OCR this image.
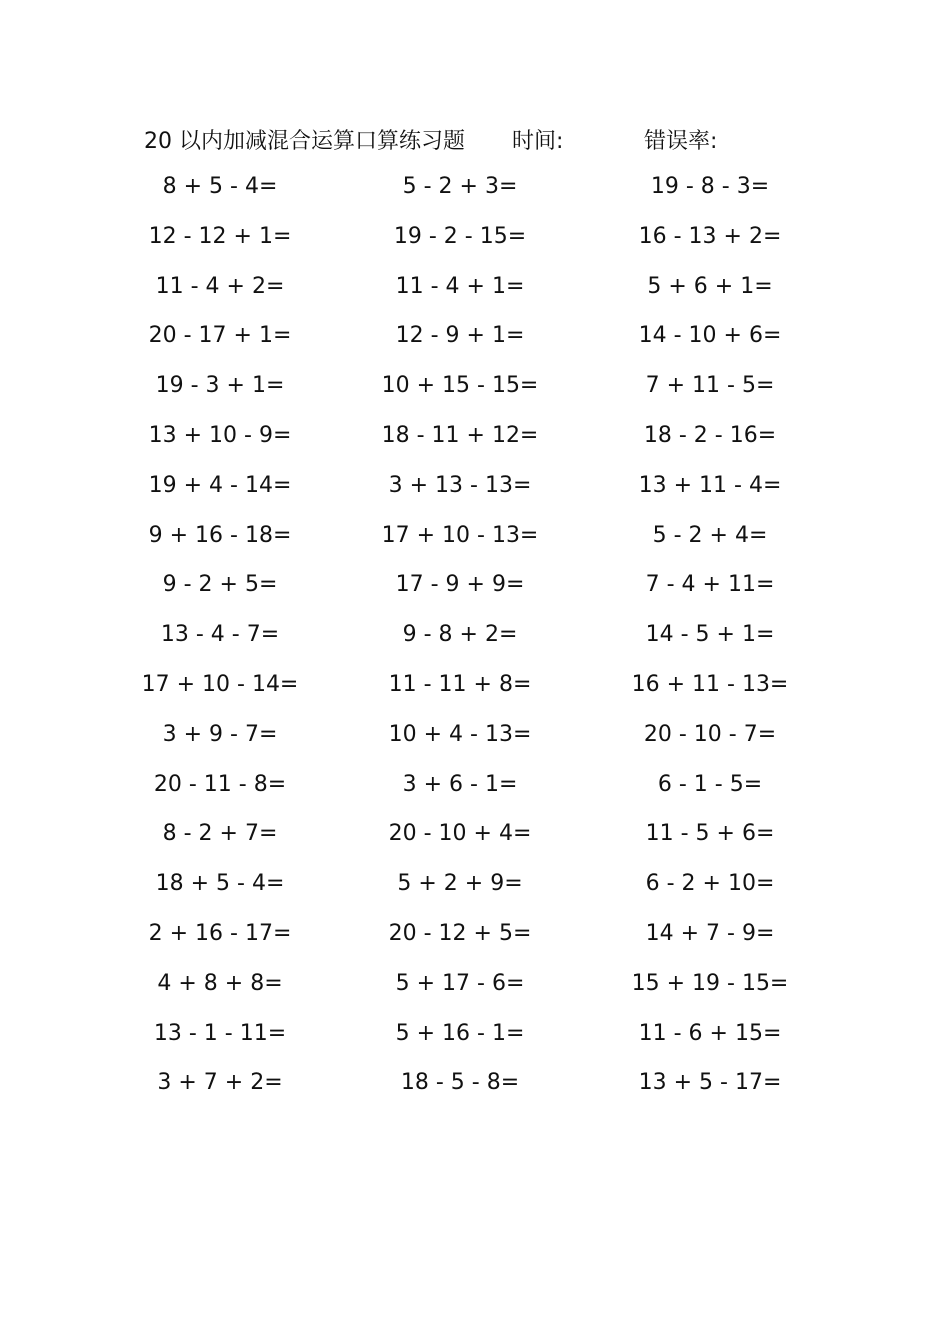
20 以内加减混合运算口算练习题 时间:	错误率:
8 + 5 - 4=	5 - 2 + 3=	19 - 8 - 3=
12 - 12 + 1=	19 - 2 - 15=	16 - 13 + 2=
11 - 4 + 2=	11 - 4 + 1=	5 + 6 + 1=
20 - 17 + 1=	12 - 9 + 1=	14 - 10 + 6=
19 - 3 + 1=	10 + 15 - 15=	7 + 11 - 5=
13 + 10 - 9=	18 - 11 + 12=	18 - 2 - 16=
19 + 4 - 14=	3 + 13 - 13=	13 + 11 - 4=
9 + 16 - 18=	17 + 10 - 13=	5 - 2 + 4=
9 - 2 + 5=	17 - 9 + 9=	7 - 4 + 11=
13 - 4 - 7=	9 - 8 + 2=	14 - 5 + 1=
17 + 10 - 14=	11 - 11 + 8=	16 + 11 - 13=
3 + 9 - 7=	10 + 4 - 13=	20 - 10 - 7=
20 - 11 - 8=	3 + 6 - 1=	6 - 1 - 5=
8 - 2 + 7=	20 - 10 + 4=	11 - 5 + 6=
18 + 5 - 4=	5 + 2 + 9=	6 - 2 + 10=
2 + 16 - 17=	20 - 12 + 5=	14 + 7 - 9=
4 + 8 + 8=	5 + 17 - 6=	15 + 19 - 15=
13 - 1 - 11=	5 + 16 - 1=	11 - 6 + 15=
3 + 7 + 2=	18 - 5 - 8=	13 + 5 - 17=
